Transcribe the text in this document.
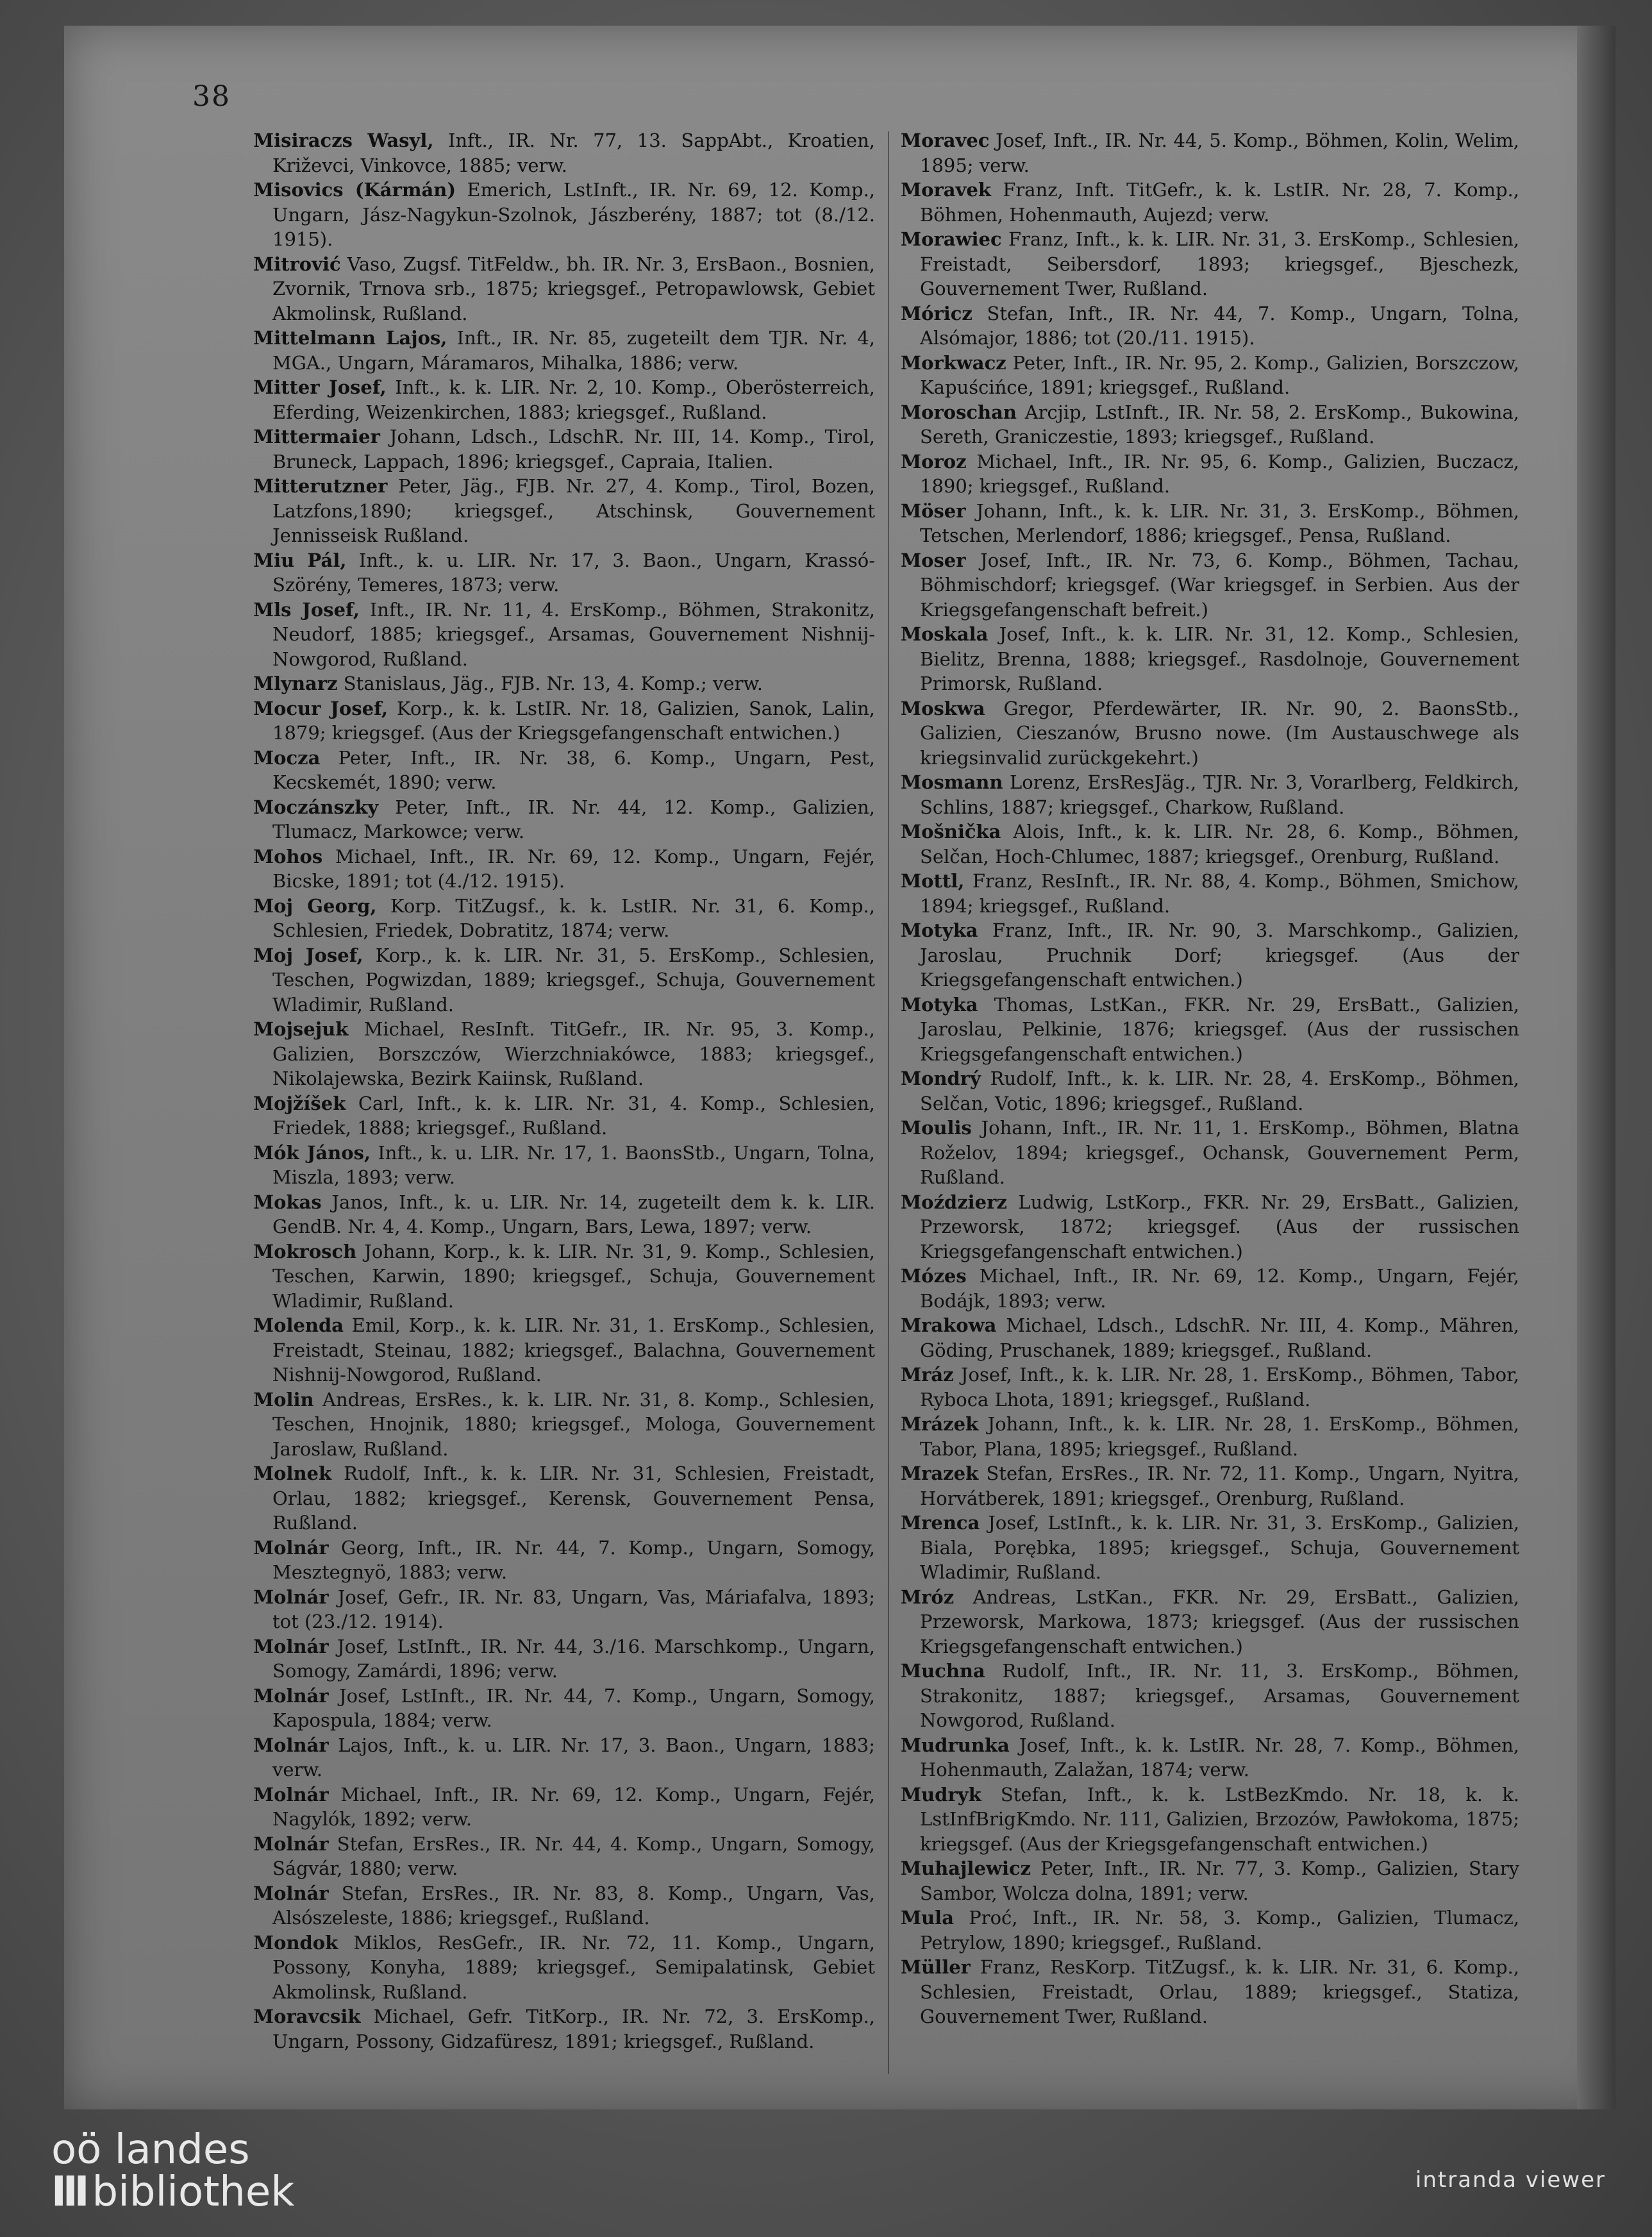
38

Misiraczs Wasyl, Inft., IR. Nr. 77, 13. SappAbt., Kroatien, Križevci, Vinkovce, 1885; verw.

Misovics (Kármán) Emerich, LstInft., IR. Nr. 69, 12. Komp., Ungarn, Jász-Nagykun-Szolnok, Jászberény, 1887; tot (8./12. 1915).

Mitrović Vaso, Zugsf. TitFeldw., bh. IR. Nr. 3, ErsBaon., Bosnien, Zvornik, Trnova srb., 1875; kriegsgef., Petropawlowsk, Gebiet Akmolinsk, Rußland.

Mittelmann Lajos, Inft., IR. Nr. 85, zugeteilt dem TJR. Nr. 4, MGA., Ungarn, Máramaros, Mihalka, 1886; verw.

Mitter Josef, Inft., k. k. LIR. Nr. 2, 10. Komp., Oberösterreich, Eferding, Weizenkirchen, 1883; kriegsgef., Rußland.

Mittermaier Johann, Ldsch., LdschR. Nr. III, 14. Komp., Tirol, Bruneck, Lappach, 1896; kriegsgef., Capraia, Italien.

Mitterutzner Peter, Jäg., FJB. Nr. 27, 4. Komp., Tirol, Bozen, Latzfons,1890; kriegsgef., Atschinsk, Gouvernement Jennisseisk Rußland.

Miu Pál, Inft., k. u. LIR. Nr. 17, 3. Baon., Ungarn, Krassó-Szörény, Temeres, 1873; verw.

Mls Josef, Inft., IR. Nr. 11, 4. ErsKomp., Böhmen, Strakonitz, Neudorf, 1885; kriegsgef., Arsamas, Gouvernement Nishnij-Nowgorod, Rußland.

Mlynarz Stanislaus, Jäg., FJB. Nr. 13, 4. Komp.; verw.

Mocur Josef, Korp., k. k. LstIR. Nr. 18, Galizien, Sanok, Lalin, 1879; kriegsgef. (Aus der Kriegsgefangenschaft entwichen.)

Mocza Peter, Inft., IR. Nr. 38, 6. Komp., Ungarn, Pest, Kecskemét, 1890; verw.

Moczánszky Peter, Inft., IR. Nr. 44, 12. Komp., Galizien, Tlumacz, Markowce; verw.

Mohos Michael, Inft., IR. Nr. 69, 12. Komp., Ungarn, Fejér, Bicske, 1891; tot (4./12. 1915).

Moj Georg, Korp. TitZugsf., k. k. LstIR. Nr. 31, 6. Komp., Schlesien, Friedek, Dobratitz, 1874; verw.

Moj Josef, Korp., k. k. LIR. Nr. 31, 5. ErsKomp., Schlesien, Teschen, Pogwizdan, 1889; kriegsgef., Schuja, Gouvernement Wladimir, Rußland.

Mojsejuk Michael, ResInft. TitGefr., IR. Nr. 95, 3. Komp., Galizien, Borszczów, Wierzchniakówce, 1883; kriegsgef., Nikolajewska, Bezirk Kaiinsk, Rußland.

Mojžíšek Carl, Inft., k. k. LIR. Nr. 31, 4. Komp., Schlesien, Friedek, 1888; kriegsgef., Rußland.

Mók János, Inft., k. u. LIR. Nr. 17, 1. BaonsStb., Ungarn, Tolna, Miszla, 1893; verw.

Mokas Janos, Inft., k. u. LIR. Nr. 14, zugeteilt dem k. k. LIR. GendB. Nr. 4, 4. Komp., Ungarn, Bars, Lewa, 1897; verw.

Mokrosch Johann, Korp., k. k. LIR. Nr. 31, 9. Komp., Schlesien, Teschen, Karwin, 1890; kriegsgef., Schuja, Gouvernement Wladimir, Rußland.

Molenda Emil, Korp., k. k. LIR. Nr. 31, 1. ErsKomp., Schlesien, Freistadt, Steinau, 1882; kriegsgef., Balachna, Gouvernement Nishnij-Nowgorod, Rußland.

Molin Andreas, ErsRes., k. k. LIR. Nr. 31, 8. Komp., Schlesien, Teschen, Hnojnik, 1880; kriegsgef., Mologa, Gouvernement Jaroslaw, Rußland.

Molnek Rudolf, Inft., k. k. LIR. Nr. 31, Schlesien, Freistadt, Orlau, 1882; kriegsgef., Kerensk, Gouvernement Pensa, Rußland.

Molnár Georg, Inft., IR. Nr. 44, 7. Komp., Ungarn, Somogy, Mesztegnyö, 1883; verw.

Molnár Josef, Gefr., IR. Nr. 83, Ungarn, Vas, Máriafalva, 1893; tot (23./12. 1914).

Molnár Josef, LstInft., IR. Nr. 44, 3./16. Marschkomp., Ungarn, Somogy, Zamárdi, 1896; verw.

Molnár Josef, LstInft., IR. Nr. 44, 7. Komp., Ungarn, Somogy, Kapospula, 1884; verw.

Molnár Lajos, Inft., k. u. LIR. Nr. 17, 3. Baon., Ungarn, 1883; verw.

Molnár Michael, Inft., IR. Nr. 69, 12. Komp., Ungarn, Fejér, Nagylók, 1892; verw.

Molnár Stefan, ErsRes., IR. Nr. 44, 4. Komp., Ungarn, Somogy, Ságvár, 1880; verw.

Molnár Stefan, ErsRes., IR. Nr. 83, 8. Komp., Ungarn, Vas, Alsószeleste, 1886; kriegsgef., Rußland.

Mondok Miklos, ResGefr., IR. Nr. 72, 11. Komp., Ungarn, Possony, Konyha, 1889; kriegsgef., Semipalatinsk, Gebiet Akmolinsk, Rußland.

Moravcsik Michael, Gefr. TitKorp., IR. Nr. 72, 3. ErsKomp., Ungarn, Possony, Gidzafüresz, 1891; kriegsgef., Rußland.

Moravec Josef, Inft., IR. Nr. 44, 5. Komp., Böhmen, Kolin, Welim, 1895; verw.

Moravek Franz, Inft. TitGefr., k. k. LstIR. Nr. 28, 7. Komp., Böhmen, Hohenmauth, Aujezd; verw.

Morawiec Franz, Inft., k. k. LIR. Nr. 31, 3. ErsKomp., Schlesien, Freistadt, Seibersdorf, 1893; kriegsgef., Bjeschezk, Gouvernement Twer, Rußland.

Móricz Stefan, Inft., IR. Nr. 44, 7. Komp., Ungarn, Tolna, Alsómajor, 1886; tot (20./11. 1915).

Morkwacz Peter, Inft., IR. Nr. 95, 2. Komp., Galizien, Borszczow, Kapuścińce, 1891; kriegsgef., Rußland.

Moroschan Arcjip, LstInft., IR. Nr. 58, 2. ErsKomp., Bukowina, Sereth, Graniczestie, 1893; kriegsgef., Rußland.

Moroz Michael, Inft., IR. Nr. 95, 6. Komp., Galizien, Buczacz, 1890; kriegsgef., Rußland.

Möser Johann, Inft., k. k. LIR. Nr. 31, 3. ErsKomp., Böhmen, Tetschen, Merlendorf, 1886; kriegsgef., Pensa, Rußland.

Moser Josef, Inft., IR. Nr. 73, 6. Komp., Böhmen, Tachau, Böhmischdorf; kriegsgef. (War kriegsgef. in Serbien. Aus der Kriegsgefangenschaft befreit.)

Moskala Josef, Inft., k. k. LIR. Nr. 31, 12. Komp., Schlesien, Bielitz, Brenna, 1888; kriegsgef., Rasdolnoje, Gouvernement Primorsk, Rußland.

Moskwa Gregor, Pferdewärter, IR. Nr. 90, 2. BaonsStb., Galizien, Cieszanów, Brusno nowe. (Im Austauschwege als kriegsinvalid zurückgekehrt.)

Mosmann Lorenz, ErsResJäg., TJR. Nr. 3, Vorarlberg, Feldkirch, Schlins, 1887; kriegsgef., Charkow, Rußland.

Mošnička Alois, Inft., k. k. LIR. Nr. 28, 6. Komp., Böhmen, Selčan, Hoch-Chlumec, 1887; kriegsgef., Orenburg, Rußland.

Mottl, Franz, ResInft., IR. Nr. 88, 4. Komp., Böhmen, Smichow, 1894; kriegsgef., Rußland.

Motyka Franz, Inft., IR. Nr. 90, 3. Marschkomp., Galizien, Jaroslau, Pruchnik Dorf; kriegsgef. (Aus der Kriegsgefangenschaft entwichen.)

Motyka Thomas, LstKan., FKR. Nr. 29, ErsBatt., Galizien, Jaroslau, Pelkinie, 1876; kriegsgef. (Aus der russischen Kriegsgefangenschaft entwichen.)

Mondrý Rudolf, Inft., k. k. LIR. Nr. 28, 4. ErsKomp., Böhmen, Selčan, Votic, 1896; kriegsgef., Rußland.

Moulis Johann, Inft., IR. Nr. 11, 1. ErsKomp., Böhmen, Blatna Roželov, 1894; kriegsgef., Ochansk, Gouvernement Perm, Rußland.

Moździerz Ludwig, LstKorp., FKR. Nr. 29, ErsBatt., Galizien, Przeworsk, 1872; kriegsgef. (Aus der russischen Kriegsgefangenschaft entwichen.)

Mózes Michael, Inft., IR. Nr. 69, 12. Komp., Ungarn, Fejér, Bodájk, 1893; verw.

Mrakowa Michael, Ldsch., LdschR. Nr. III, 4. Komp., Mähren, Göding, Pruschanek, 1889; kriegsgef., Rußland.

Mráz Josef, Inft., k. k. LIR. Nr. 28, 1. ErsKomp., Böhmen, Tabor, Ryboca Lhota, 1891; kriegsgef., Rußland.

Mrázek Johann, Inft., k. k. LIR. Nr. 28, 1. ErsKomp., Böhmen, Tabor, Plana, 1895; kriegsgef., Rußland.

Mrazek Stefan, ErsRes., IR. Nr. 72, 11. Komp., Ungarn, Nyitra, Horvátberek, 1891; kriegsgef., Orenburg, Rußland.

Mrenca Josef, LstInft., k. k. LIR. Nr. 31, 3. ErsKomp., Galizien, Biala, Porębka, 1895; kriegsgef., Schuja, Gouvernement Wladimir, Rußland.

Mróz Andreas, LstKan., FKR. Nr. 29, ErsBatt., Galizien, Przeworsk, Markowa, 1873; kriegsgef. (Aus der russischen Kriegsgefangenschaft entwichen.)

Muchna Rudolf, Inft., IR. Nr. 11, 3. ErsKomp., Böhmen, Strakonitz, 1887; kriegsgef., Arsamas, Gouvernement Nowgorod, Rußland.

Mudrunka Josef, Inft., k. k. LstIR. Nr. 28, 7. Komp., Böhmen, Hohenmauth, Zalažan, 1874; verw.

Mudryk Stefan, Inft., k. k. LstBezKmdo. Nr. 18, k. k. LstInfBrigKmdo. Nr. 111, Galizien, Brzozów, Pawłokoma, 1875; kriegsgef. (Aus der Kriegsgefangenschaft entwichen.)

Muhajlewicz Peter, Inft., IR. Nr. 77, 3. Komp., Galizien, Stary Sambor, Wolcza dolna, 1891; verw.

Mula Proć, Inft., IR. Nr. 58, 3. Komp., Galizien, Tlumacz, Petrylow, 1890; kriegsgef., Rußland.

Müller Franz, ResKorp. TitZugsf., k. k. LIR. Nr. 31, 6. Komp., Schlesien, Freistadt, Orlau, 1889; kriegsgef., Statiza, Gouvernement Twer, Rußland.

oö landes
III bibliothek	intranda viewer
